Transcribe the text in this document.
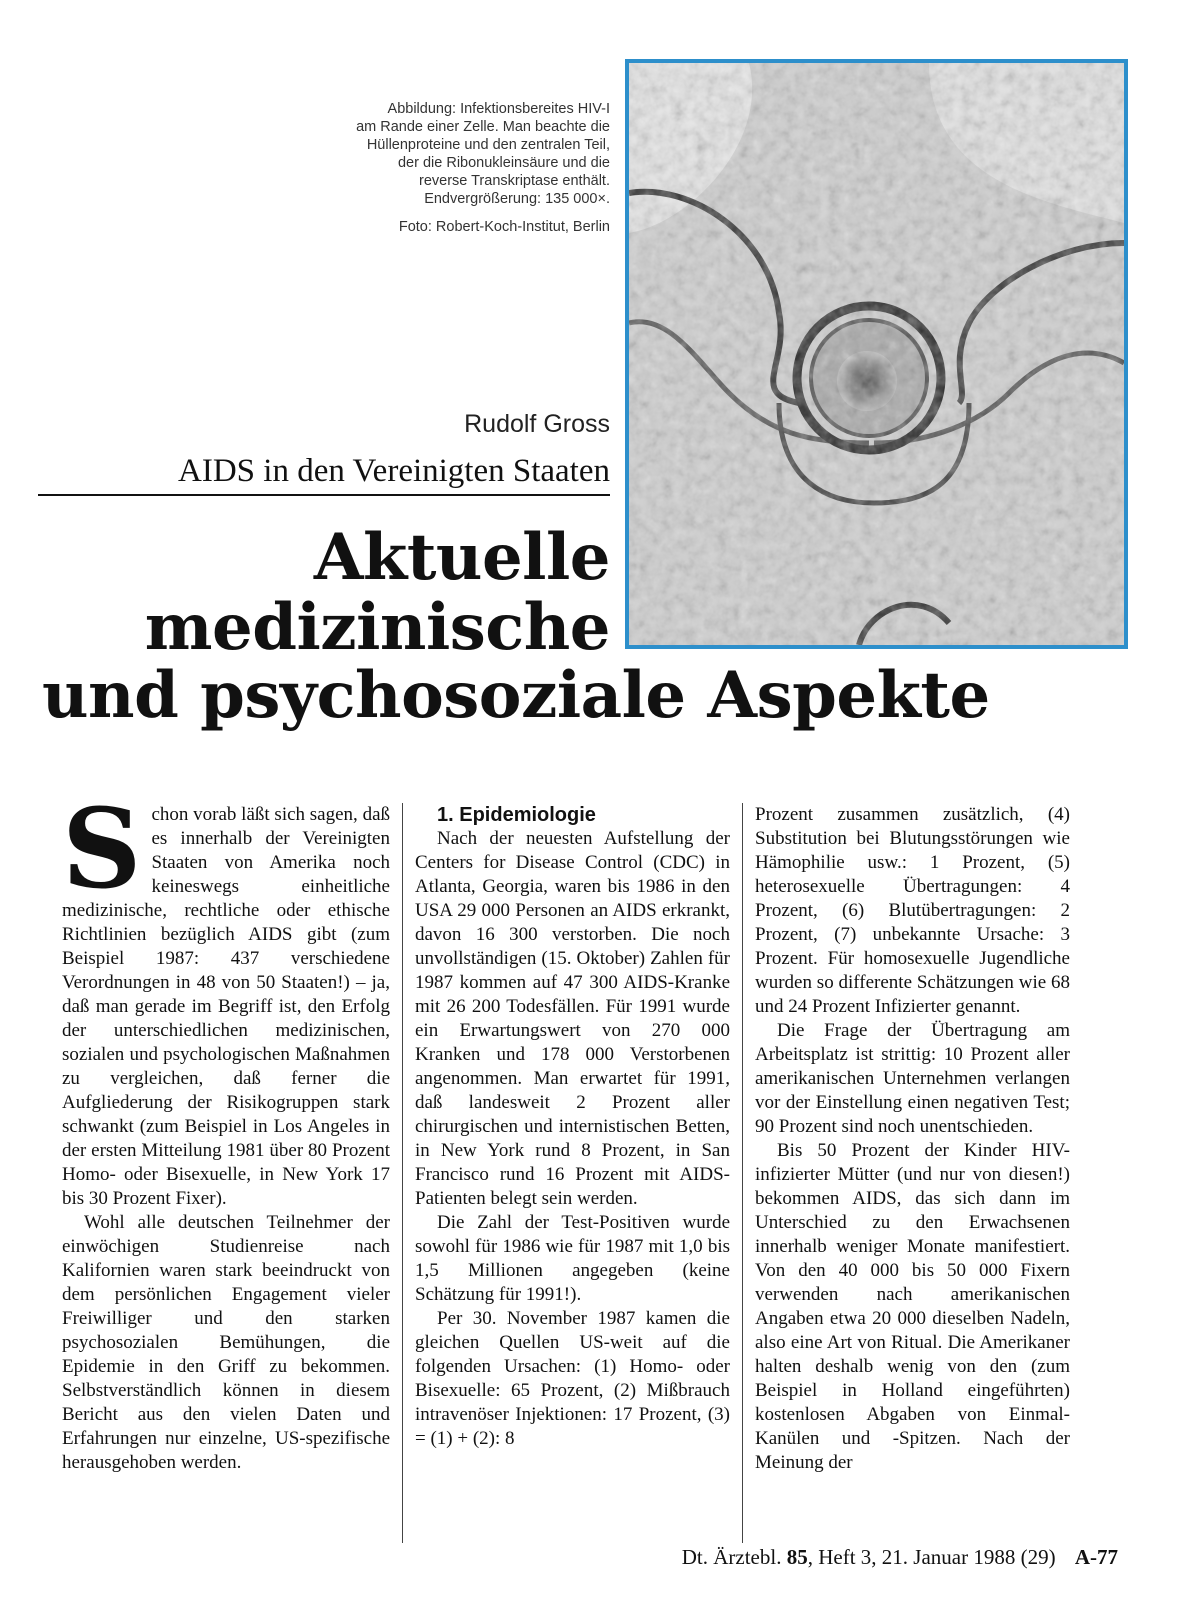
Abbildung: Infektionsbereites HIV-I

am Rande einer Zelle. Man beachte die

Hüllenproteine und den zentralen Teil,

der die Ribonukleinsäure und die

reverse Transkriptase enthält.

Endvergrößerung: 135 000×.

Foto: Robert-Koch-Institut, Berlin

Rudolf Gross
AIDS in den Vereinigten Staaten
Aktuelle
medizinische
und psychosoziale Aspekte

Schon vorab läßt sich sagen, daß es innerhalb der Vereinigten Staaten von Amerika noch keineswegs einheitliche medizinische, rechtliche oder ethische Richtlinien bezüglich AIDS gibt (zum Beispiel 1987: 437 verschiedene Verordnungen in 48 von 50 Staaten!) – ja, daß man gerade im Begriff ist, den Erfolg der unterschiedlichen medizinischen, sozialen und psychologischen Maßnahmen zu vergleichen, daß ferner die Aufgliederung der Risikogruppen stark schwankt (zum Beispiel in Los Angeles in der ersten Mitteilung 1981 über 80 Prozent Homo- oder Bisexuelle, in New York 17 bis 30 Prozent Fixer).

Wohl alle deutschen Teilnehmer der einwöchigen Studienreise nach Kalifornien waren stark beeindruckt von dem persönlichen Engagement vieler Freiwilliger und den starken psychosozialen Bemühungen, die Epidemie in den Griff zu bekommen. Selbstverständlich können in diesem Bericht aus den vielen Daten und Erfahrungen nur einzelne, US-spezifische herausgehoben werden.

1. Epidemiologie

Nach der neuesten Aufstellung der Centers for Disease Control (CDC) in Atlanta, Georgia, waren bis 1986 in den USA 29 000 Personen an AIDS erkrankt, davon 16 300 verstorben. Die noch unvollständigen (15. Oktober) Zahlen für 1987 kommen auf 47 300 AIDS-Kranke mit 26 200 Todesfällen. Für 1991 wurde ein Erwartungswert von 270 000 Kranken und 178 000 Verstorbenen angenommen. Man erwartet für 1991, daß landesweit 2 Prozent aller chirurgischen und internistischen Betten, in New York rund 8 Prozent, in San Francisco rund 16 Prozent mit AIDS-Patienten belegt sein werden.

Die Zahl der Test-Positiven wurde sowohl für 1986 wie für 1987 mit 1,0 bis 1,5 Millionen angegeben (keine Schätzung für 1991!).

Per 30. November 1987 kamen die gleichen Quellen US-weit auf die folgenden Ursachen: (1) Homo- oder Bisexuelle: 65 Prozent, (2) Mißbrauch intravenöser Injektionen: 17 Prozent, (3) = (1) + (2): 8

Prozent zusammen zusätzlich, (4) Substitution bei Blutungsstörungen wie Hämophilie usw.: 1 Prozent, (5) heterosexuelle Übertragungen: 4 Prozent, (6) Blutübertragungen: 2 Prozent, (7) unbekannte Ursache: 3 Prozent. Für homosexuelle Jugendliche wurden so differente Schätzungen wie 68 und 24 Prozent Infizierter genannt.

Die Frage der Übertragung am Arbeitsplatz ist strittig: 10 Prozent aller amerikanischen Unternehmen verlangen vor der Einstellung einen negativen Test; 90 Prozent sind noch unentschieden.

Bis 50 Prozent der Kinder HIV-infizierter Mütter (und nur von diesen!) bekommen AIDS, das sich dann im Unterschied zu den Erwachsenen innerhalb weniger Monate manifestiert. Von den 40 000 bis 50 000 Fixern verwenden nach amerikanischen Angaben etwa 20 000 dieselben Nadeln, also eine Art von Ritual. Die Amerikaner halten deshalb wenig von den (zum Beispiel in Holland eingeführten) kostenlosen Abgaben von Einmal-Kanülen und -Spitzen. Nach der Meinung der

Dt. Ärztebl. 85, Heft 3, 21. Januar 1988 (29) A-77
